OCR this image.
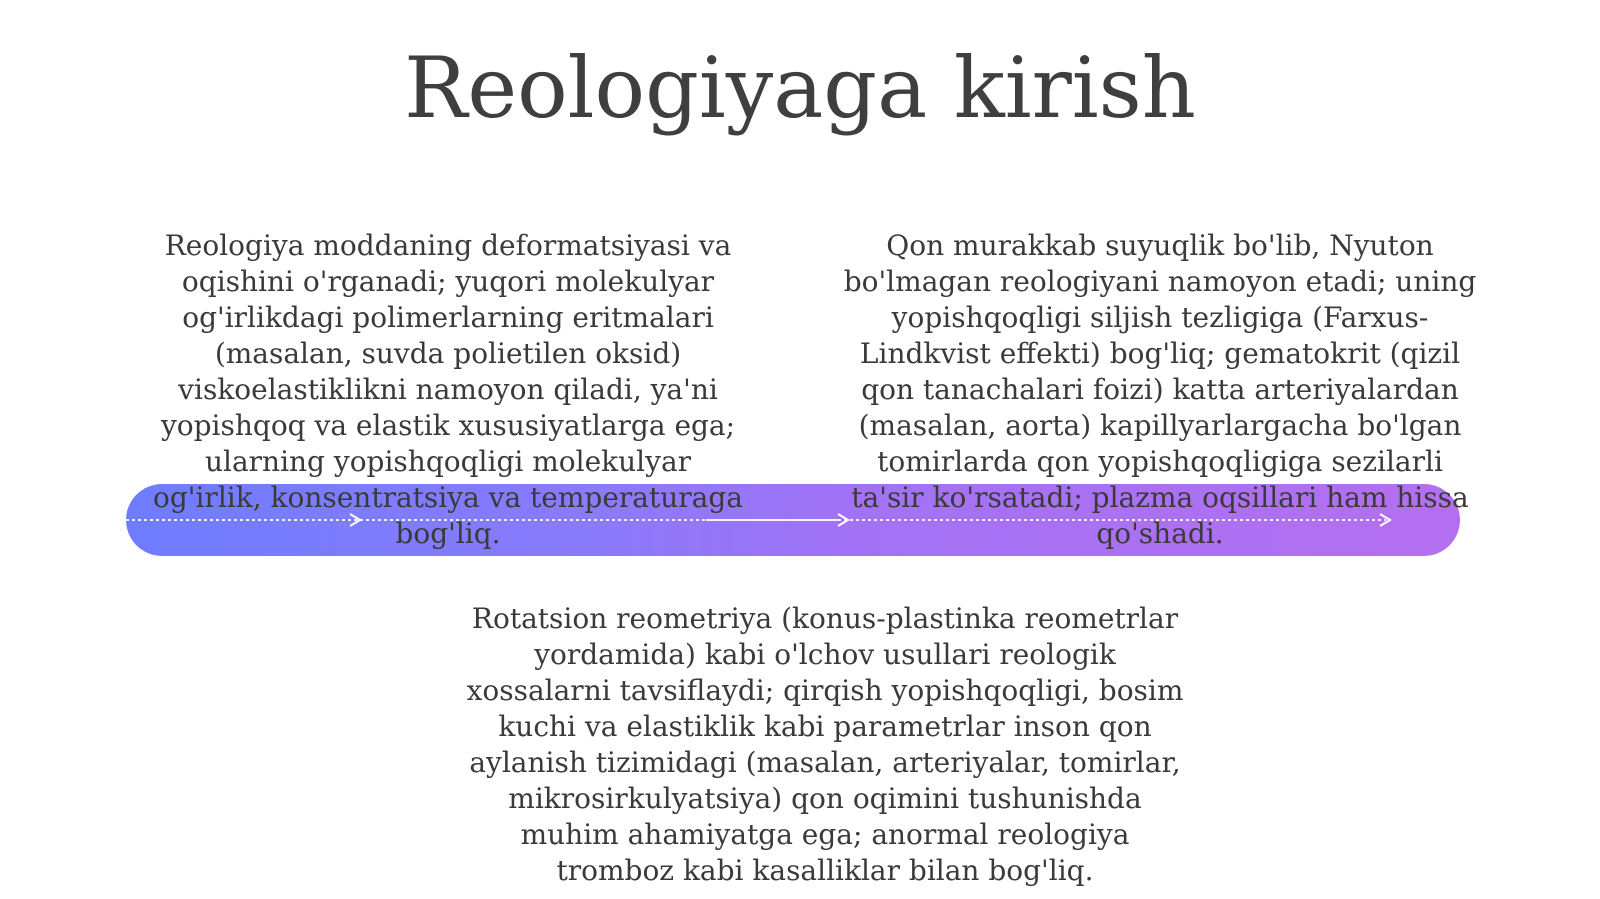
Reologiyaga kirish

Reologiya moddaning deformatsiyasi va oqishini o'rganadi; yuqori molekulyar og'irlikdagi polimerlarning eritmalari (masalan, suvda polietilen oksid) viskoelastiklikni namoyon qiladi, ya'ni yopishqoq va elastik xususiyatlarga ega; ularning yopishqoqligi molekulyar og'irlik, konsentratsiya va temperaturaga bog'liq.

Qon murakkab suyuqlik bo'lib, Nyuton bo'lmagan reologiyani namoyon etadi; uning yopishqoqligi siljish tezligiga (Farxus-Lindkvist effekti) bog'liq; gematokrit (qizil qon tanachalari foizi) katta arteriyalardan (masalan, aorta) kapillyarlargacha bo'lgan tomirlarda qon yopishqoqligiga sezilarli ta'sir ko'rsatadi; plazma oqsillari ham hissa qo'shadi.

Rotatsion reometriya (konus-plastinka reometrlar yordamida) kabi o'lchov usullari reologik xossalarni tavsiflaydi; qirqish yopishqoqligi, bosim kuchi va elastiklik kabi parametrlar inson qon aylanish tizimidagi (masalan, arteriyalar, tomirlar, mikrosirkulyatsiya) qon oqimini tushunishda muhim ahamiyatga ega; anormal reologiya tromboz kabi kasalliklar bilan bog'liq.
